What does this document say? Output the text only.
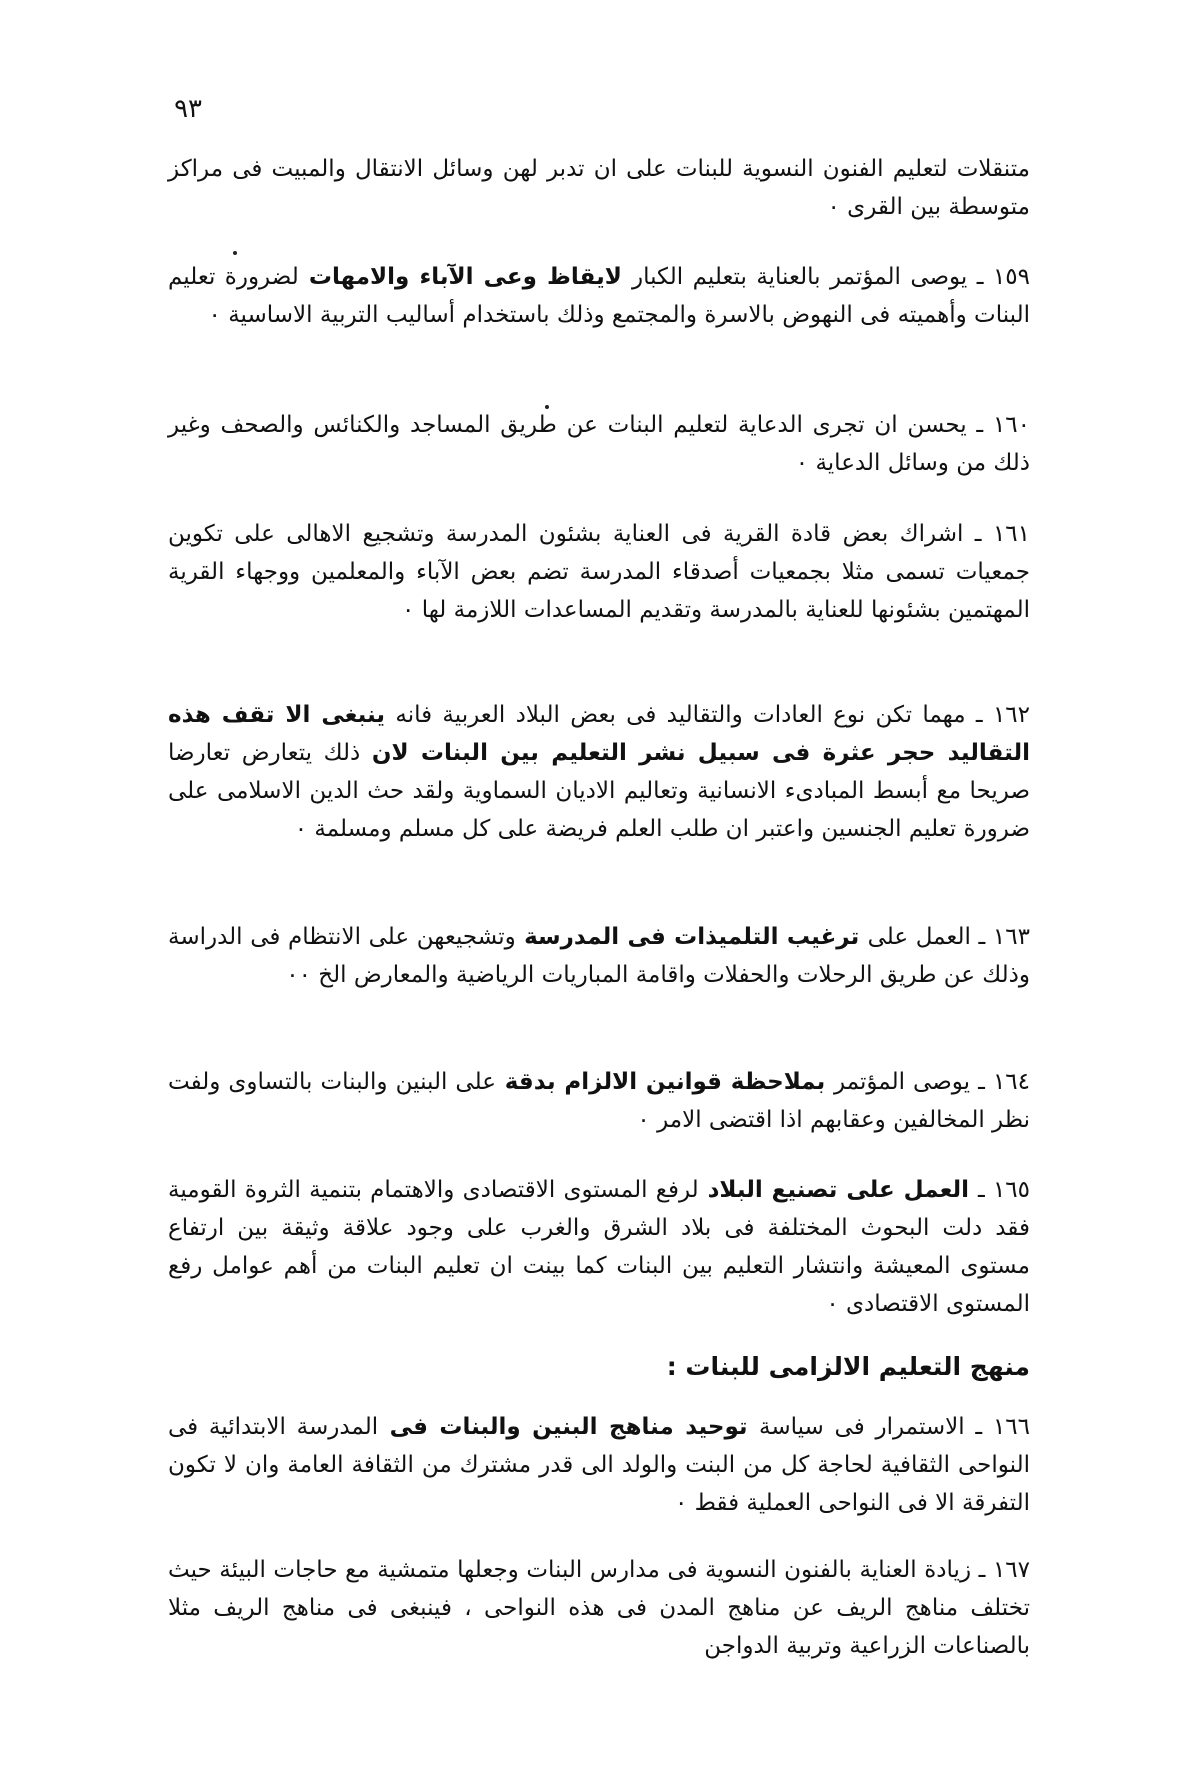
٩٣

متنقلات لتعليم الفنون النسوية للبنات على ان تدبر لهن وسائل الانتقال والمبيت فى مراكز متوسطة بين القرى ٠

١٥٩ ـ يوصى المؤتمر بالعناية بتعليم الكبار لايقاظ وعى الآباء والامهات لضرورة تعليم البنات وأهميته فى النهوض بالاسرة والمجتمع وذلك باستخدام أساليب التربية الاساسية ٠

١٦٠ ـ يحسن ان تجرى الدعاية لتعليم البنات عن طريق المساجد والكنائس والصحف وغير ذلك من وسائل الدعاية ٠

١٦١ ـ اشراك بعض قادة القرية فى العناية بشئون المدرسة وتشجيع الاهالى على تكوين جمعيات تسمى مثلا بجمعيات أصدقاء المدرسة تضم بعض الآباء والمعلمين ووجهاء القرية المهتمين بشئونها للعناية بالمدرسة وتقديم المساعدات اللازمة لها ٠

١٦٢ ـ مهما تكن نوع العادات والتقاليد فى بعض البلاد العربية فانه ينبغى الا تقف هذه التقاليد حجر عثرة فى سبيل نشر التعليم بين البنات لان ذلك يتعارض تعارضا صريحا مع أبسط المبادىء الانسانية وتعاليم الاديان السماوية ولقد حث الدين الاسلامى على ضرورة تعليم الجنسين واعتبر ان طلب العلم فريضة على كل مسلم ومسلمة ٠

١٦٣ ـ العمل على ترغيب التلميذات فى المدرسة وتشجيعهن على الانتظام فى الدراسة وذلك عن طريق الرحلات والحفلات واقامة المباريات الرياضية والمعارض الخ ٠٠

١٦٤ ـ يوصى المؤتمر بملاحظة قوانين الالزام بدقة على البنين والبنات بالتساوى ولفت نظر المخالفين وعقابهم اذا اقتضى الامر ٠

١٦٥ ـ العمل على تصنيع البلاد لرفع المستوى الاقتصادى والاهتمام بتنمية الثروة القومية فقد دلت البحوث المختلفة فى بلاد الشرق والغرب على وجود علاقة وثيقة بين ارتفاع مستوى المعيشة وانتشار التعليم بين البنات كما بينت ان تعليم البنات من أهم عوامل رفع المستوى الاقتصادى ٠

منهج التعليم الالزامى للبنات :

١٦٦ ـ الاستمرار فى سياسة توحيد مناهج البنين والبنات فى المدرسة الابتدائية فى النواحى الثقافية لحاجة كل من البنت والولد الى قدر مشترك من الثقافة العامة وان لا تكون التفرقة الا فى النواحى العملية فقط ٠

١٦٧ ـ زيادة العناية بالفنون النسوية فى مدارس البنات وجعلها متمشية مع حاجات البيئة حيث تختلف مناهج الريف عن مناهج المدن فى هذه النواحى ، فينبغى فى مناهج الريف مثلا بالصناعات الزراعية وتربية الدواجن
